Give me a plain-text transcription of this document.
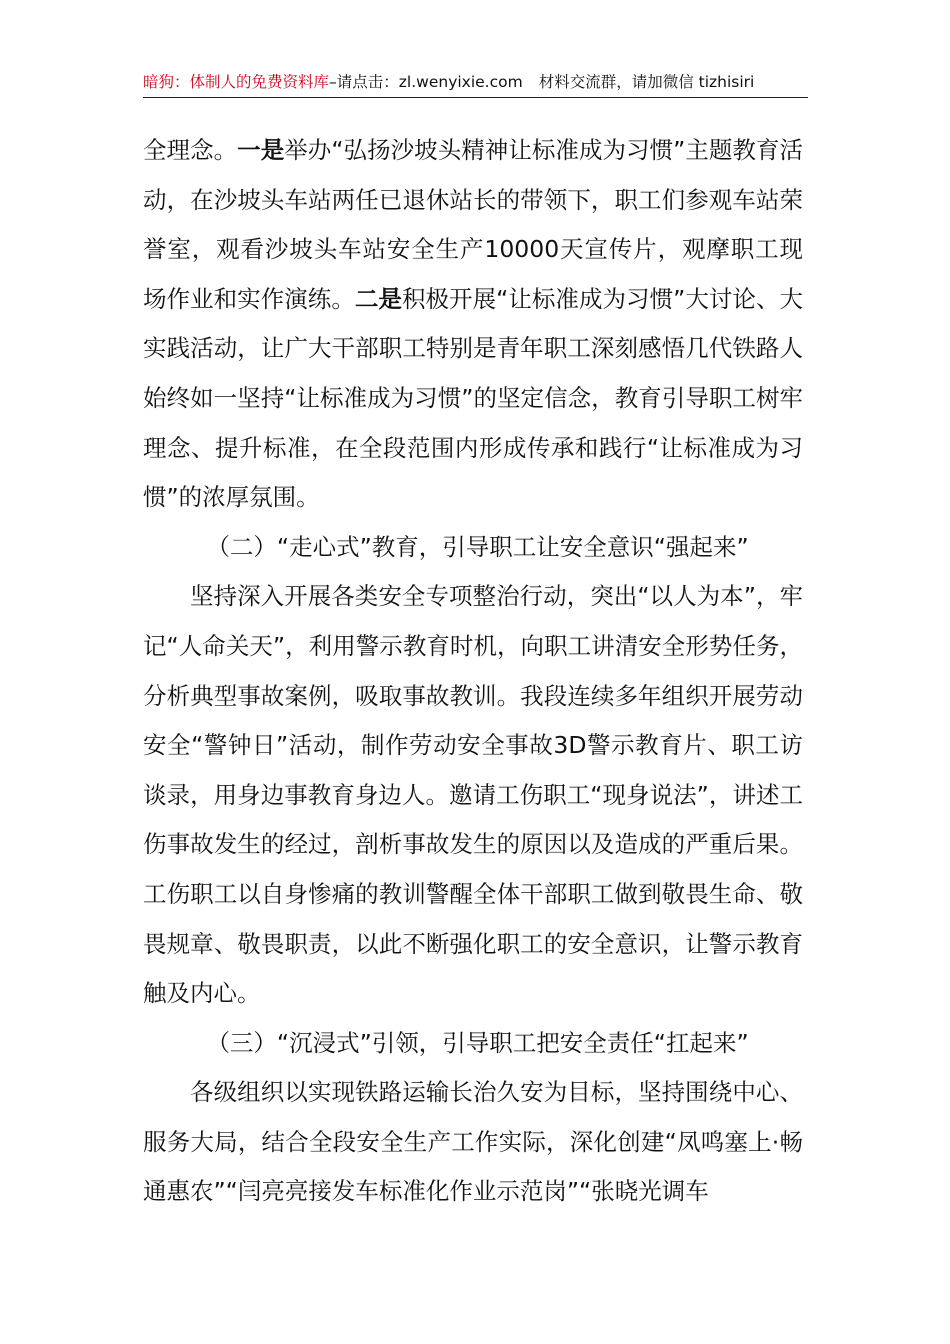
暗狗：体制人的免费资料库–请点击：zl.wenyixie.com 材料交流群，请加微信 tizhisiri

全理念。一是举办“弘扬沙坡头精神让标准成为习惯”主题教育活动，在沙坡头车站两任已退休站长的带领下，职工们参观车站荣誉室，观看沙坡头车站安全生产10000天宣传片，观摩职工现场作业和实作演练。二是积极开展“让标准成为习惯”大讨论、大实践活动，让广大干部职工特别是青年职工深刻感悟几代铁路人始终如一坚持“让标准成为习惯”的坚定信念，教育引导职工树牢理念、提升标准，在全段范围内形成传承和践行“让标准成为习惯”的浓厚氛围。

（二）“走心式”教育，引导职工让安全意识“强起来”

坚持深入开展各类安全专项整治行动，突出“以人为本”，牢记“人命关天”，利用警示教育时机，向职工讲清安全形势任务，分析典型事故案例，吸取事故教训。我段连续多年组织开展劳动安全“警钟日”活动，制作劳动安全事故3D警示教育片、职工访谈录，用身边事教育身边人。邀请工伤职工“现身说法”，讲述工伤事故发生的经过，剖析事故发生的原因以及造成的严重后果。工伤职工以自身惨痛的教训警醒全体干部职工做到敬畏生命、敬畏规章、敬畏职责，以此不断强化职工的安全意识，让警示教育触及内心。

（三）“沉浸式”引领，引导职工把安全责任“扛起来”

各级组织以实现铁路运输长治久安为目标，坚持围绕中心、服务大局，结合全段安全生产工作实际，深化创建“凤鸣塞上·畅通惠农”“闫亮亮接发车标准化作业示范岗”“张晓光调车
